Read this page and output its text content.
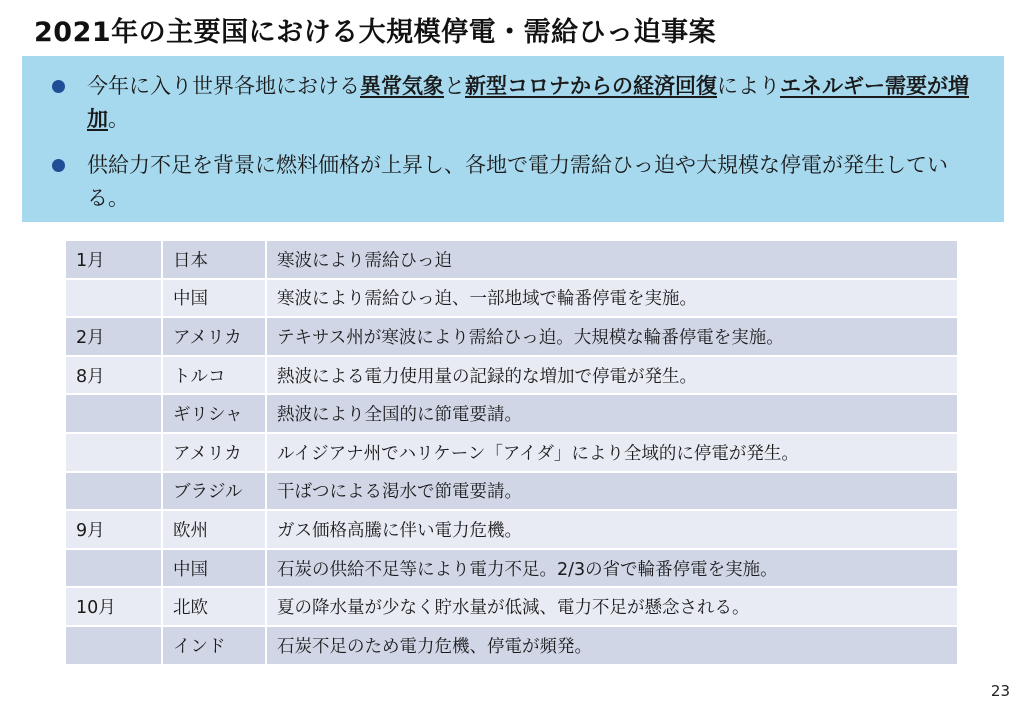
2021年の主要国における大規模停電・需給ひっ迫事案
今年に入り世界各地における異常気象と新型コロナからの経済回復によりエネルギー需要が増加。
供給力不足を背景に燃料価格が上昇し、各地で電力需給ひっ迫や大規模な停電が発生している。
1月	日本	寒波により需給ひっ迫
	中国	寒波により需給ひっ迫、一部地域で輪番停電を実施。
2月	アメリカ	テキサス州が寒波により需給ひっ迫。大規模な輪番停電を実施。
8月	トルコ	熱波による電力使用量の記録的な増加で停電が発生。
	ギリシャ	熱波により全国的に節電要請。
	アメリカ	ルイジアナ州でハリケーン「アイダ」により全域的に停電が発生。
	ブラジル	干ばつによる渇水で節電要請。
9月	欧州	ガス価格高騰に伴い電力危機。
	中国	石炭の供給不足等により電力不足。2/3の省で輪番停電を実施。
10月	北欧	夏の降水量が少なく貯水量が低減、電力不足が懸念される。
	インド	石炭不足のため電力危機、停電が頻発。
23
